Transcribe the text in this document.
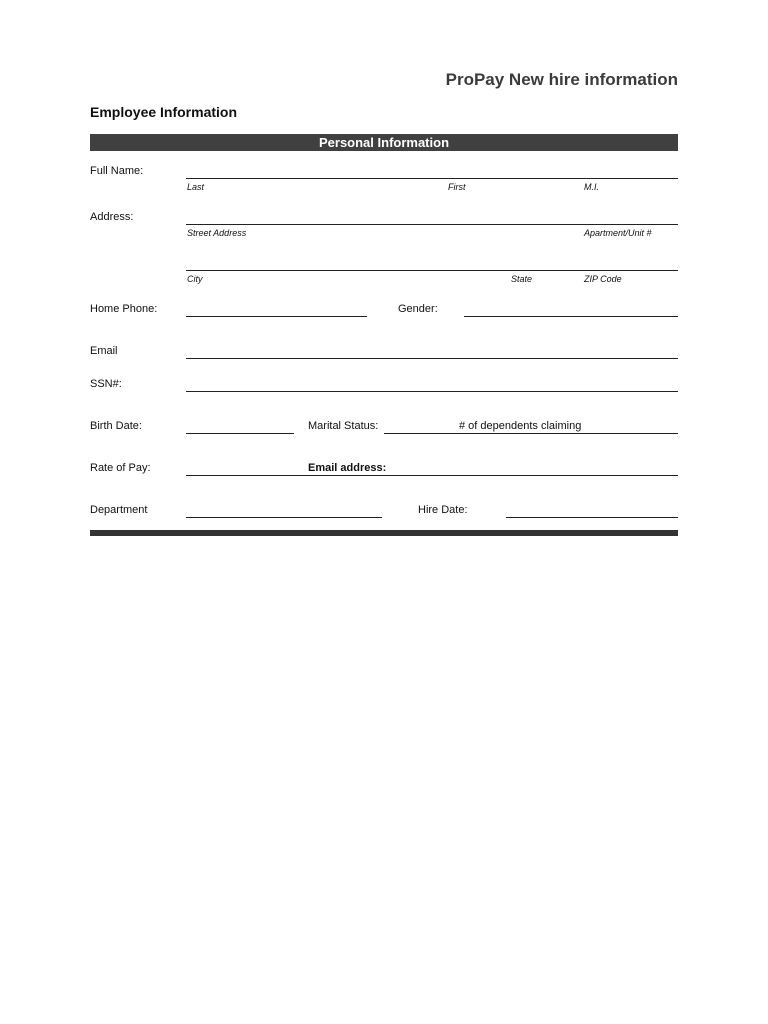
ProPay New hire information
Employee Information
Personal Information
Full Name:
Last	First	M.I.
Address:
Street Address	Apartment/Unit #
City	State	ZIP Code
Home Phone:	Gender:
Email
SSN#:
Birth Date:	Marital Status:	# of dependents claiming
Rate of Pay:	Email address:
Department	Hire Date:
